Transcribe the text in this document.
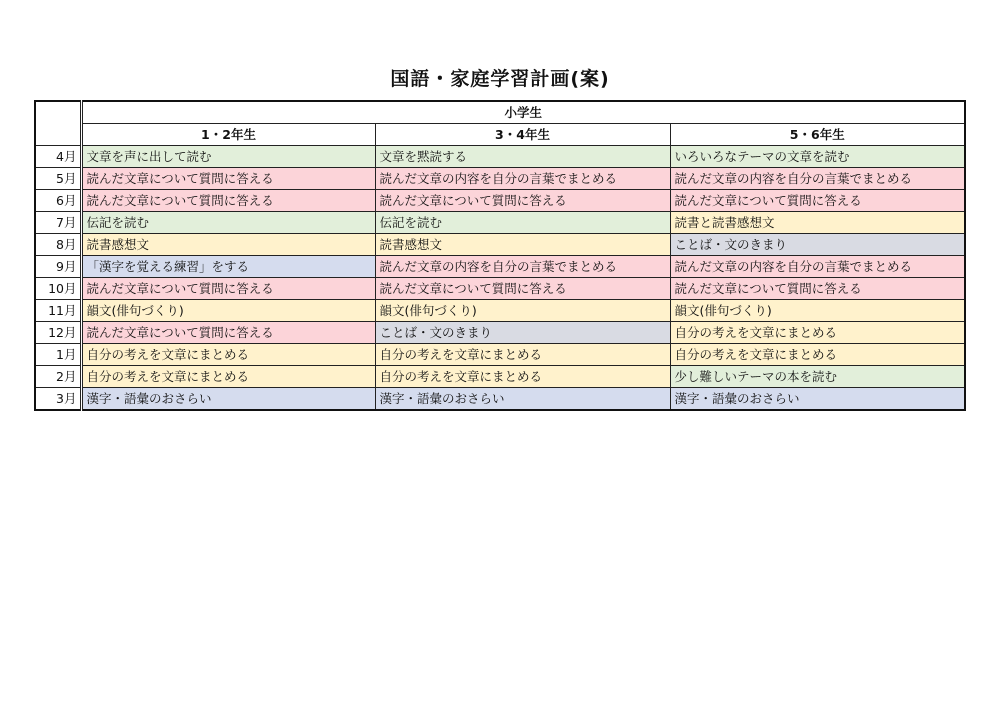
国語・家庭学習計画(案)
	小学生		
	1・2年生	3・4年生	5・6年生
4月	文章を声に出して読む	文章を黙読する	いろいろなテーマの文章を読む
5月	読んだ文章について質問に答える	読んだ文章の内容を自分の言葉でまとめる	読んだ文章の内容を自分の言葉でまとめる
6月	読んだ文章について質問に答える	読んだ文章について質問に答える	読んだ文章について質問に答える
7月	伝記を読む	伝記を読む	読書と読書感想文
8月	読書感想文	読書感想文	ことば・文のきまり
9月	「漢字を覚える練習」をする	読んだ文章の内容を自分の言葉でまとめる	読んだ文章の内容を自分の言葉でまとめる
10月	読んだ文章について質問に答える	読んだ文章について質問に答える	読んだ文章について質問に答える
11月	韻文(俳句づくり)	韻文(俳句づくり)	韻文(俳句づくり)
12月	読んだ文章について質問に答える	ことば・文のきまり	自分の考えを文章にまとめる
1月	自分の考えを文章にまとめる	自分の考えを文章にまとめる	自分の考えを文章にまとめる
2月	自分の考えを文章にまとめる	自分の考えを文章にまとめる	少し難しいテーマの本を読む
3月	漢字・語彙のおさらい	漢字・語彙のおさらい	漢字・語彙のおさらい
